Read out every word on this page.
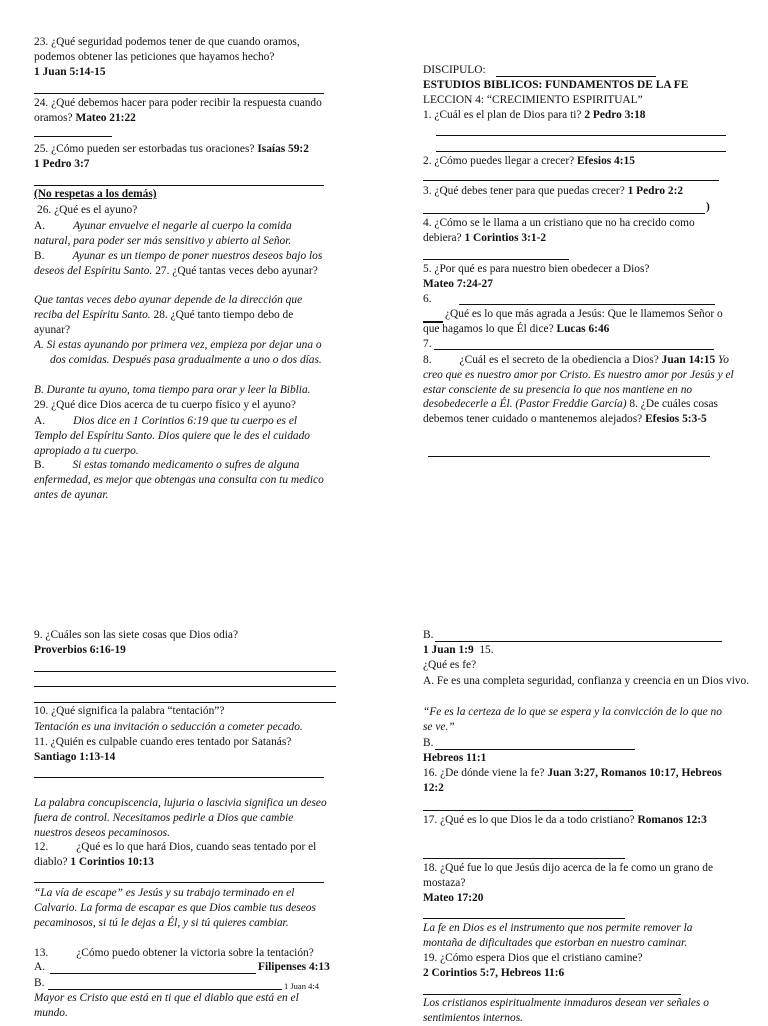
23. ¿Qué seguridad podemos tener de que cuando oramos, podemos obtener las peticiones que hayamos hecho?
1 Juan 5:14-15

24. ¿Qué debemos hacer para poder recibir la respuesta cuando oramos? Mateo 21:22

25. ¿Cómo pueden ser estorbadas tus oraciones? Isaías 59:2
1 Pedro 3:7

(No respetas a los demás)

26. ¿Qué es el ayuno?

A. Ayunar envuelve el negarle al cuerpo la comida natural, para poder ser más sensitivo y abierto al Señor.

B. Ayunar es un tiempo de poner nuestros deseos bajo los deseos del Espíritu Santo. 27. ¿Qué tantas veces debo ayunar?

Que tantas veces debo ayunar depende de la dirección que reciba del Espíritu Santo. 28. ¿Qué tanto tiempo debo de ayunar?

A. Si estas ayunando por primera vez, empieza por dejar una o dos comidas. Después pasa gradualmente a uno o dos días.

B. Durante tu ayuno, toma tiempo para orar y leer la Biblia.

29. ¿Qué dice Dios acerca de tu cuerpo físico y el ayuno?

A. Dios dice en 1 Corintios 6:19 que tu cuerpo es el Templo del Espíritu Santo. Dios quiere que le des el cuidado apropiado a tu cuerpo.

B. Si estas tomando medicamento o sufres de alguna enfermedad, es mejor que obtengas una consulta con tu medico antes de ayunar.

DISCIPULO:

ESTUDIOS BIBLICOS: FUNDAMENTOS DE LA FE

LECCION 4: “CRECIMIENTO ESPIRITUAL”

1. ¿Cuál es el plan de Dios para ti? 2 Pedro 3:18

2. ¿Cómo puedes llegar a crecer? Efesios 4:15

3. ¿Qué debes tener para que puedas crecer? 1 Pedro 2:2

)

4. ¿Cómo se le llama a un cristiano que no ha crecido como debiera? 1 Corintios 3:1-2

5. ¿Por qué es para nuestro bien obedecer a Dios?
Mateo 7:24-27

6.

¿Qué es lo que más agrada a Jesús: Que le llamemos Señor o que hagamos lo que Él dice? Lucas 6:46

7.

8. ¿Cuál es el secreto de la obediencia a Dios? Juan 14:15 Yo creo que es nuestro amor por Cristo. Es nuestro amor por Jesús y el estar consciente de su presencia lo que nos mantiene en no desobedecerle a Él. (Pastor Freddie García) 8. ¿De cuáles cosas debemos tener cuidado o mantenemos alejados? Efesios 5:3-5

9. ¿Cuáles son las siete cosas que Dios odia?
Proverbios 6:16-19

10. ¿Qué significa la palabra “tentación”?

Tentación es una invitación o seducción a cometer pecado.

11. ¿Quién es culpable cuando eres tentado por Satanás?
Santiago 1:13-14

La palabra concupiscencia, lujuria o lascivia significa un deseo fuera de control. Necesitamos pedirle a Dios que cambie nuestros deseos pecaminosos.

12. ¿Qué es lo que hará Dios, cuando seas tentado por el diablo? 1 Corintios 10:13

“La vía de escape” es Jesús y su trabajo terminado en el Calvario. La forma de escapar es que Dios cambie tus deseos pecaminosos, si tú le dejas a Él, y si tú quieres cambiar.

13. ¿Cómo puedo obtener la victoria sobre la tentación?

A.	Filipenses 4:13

B.	1 Juan 4:4

Mayor es Cristo que está en ti que el diablo que está en el mundo.

B.

1 Juan 1:9 15.

¿Qué es fe?

A. Fe es una completa seguridad, confianza y creencia en un Dios vivo.

“Fe es la certeza de lo que se espera y la convicción de lo que no se ve.”

B.

Hebreos 11:1

16. ¿De dónde viene la fe? Juan 3:27, Romanos 10:17, Hebreos 12:2

17. ¿Qué es lo que Dios le da a todo cristiano? Romanos 12:3

18. ¿Qué fue lo que Jesús dijo acerca de la fe como un grano de mostaza?
Mateo 17:20

La fe en Dios es el instrumento que nos permite remover la montaña de dificultades que estorban en nuestro caminar.

19. ¿Cómo espera Dios que el cristiano camine?
2 Corintios 5:7, Hebreos 11:6

Los cristianos espiritualmente inmaduros desean ver señales o sentimientos internos.
